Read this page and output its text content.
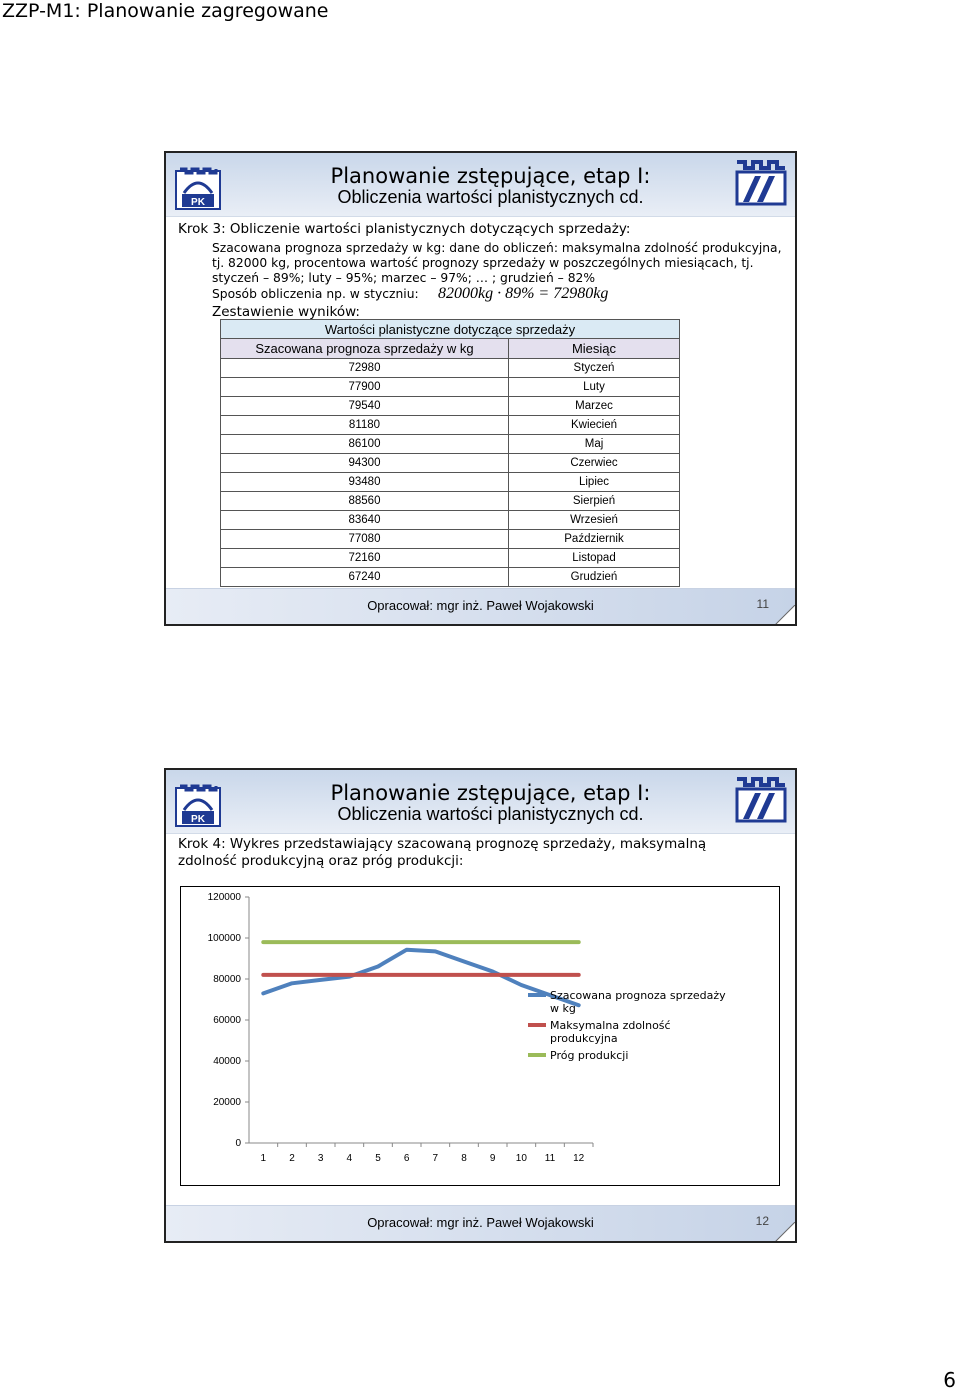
ZZP-M1: Planowanie zagregowane
PK
Planowanie zstępujące, etap I:
Obliczenia wartości planistycznych cd.
Krok 3: Obliczenie wartości planistycznych dotyczących sprzedaży:
Szacowana prognoza sprzedaży w kg: dane do obliczeń: maksymalna zdolność produkcyjna,
tj. 82000 kg, procentowa wartość prognozy sprzedaży w poszczególnych miesiącach, tj.
styczeń – 89%; luty – 95%; marzec – 97%; … ; grudzień – 82%
Sposób obliczenia np. w styczniu: 82000kg · 89% = 72980kg
Zestawienie wyników:
Wartości planistyczne dotyczące sprzedaży	
Szacowana prognoza sprzedaży w kg	Miesiąc
72980	Styczeń
77900	Luty
79540	Marzec
81180	Kwiecień
86100	Maj
94300	Czerwiec
93480	Lipiec
88560	Sierpień
83640	Wrzesień
77080	Październik
72160	Listopad
67240	Grudzień
Opracował: mgr inż. Paweł Wojakowski	11
PK
Planowanie zstępujące, etap I:
Obliczenia wartości planistycznych cd.
Krok 4: Wykres przedstawiający szacowaną prognozę sprzedaży, maksymalną
zdolność produkcyjną oraz próg produkcji:
0
20000
40000
60000
80000
100000
120000
1 2 3 4 5 6 7 8 9 10 11 12
Szacowana prognoza sprzedaży
w kg
Maksymalna zdolność
produkcyjna
Próg produkcji
Opracował: mgr inż. Paweł Wojakowski	12
6
